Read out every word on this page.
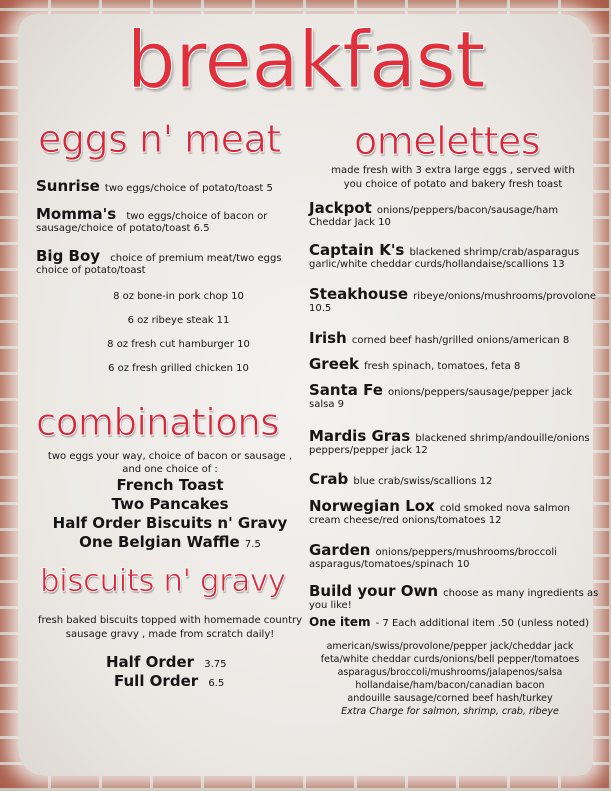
breakfast
eggs n' meat
Sunrise two eggs/choice of potato/toast 5
Momma's two eggs/choice of bacon or
sausage/choice of potato/toast 6.5
Big Boy choice of premium meat/two eggs
choice of potato/toast
8 oz bone-in pork chop 10
6 oz ribeye steak 11
8 oz fresh cut hamburger 10
6 oz fresh grilled chicken 10
combinations
two eggs your way, choice of bacon or sausage ,
and one choice of :
French Toast
Two Pancakes
Half Order Biscuits n' Gravy
One Belgian Waffle 7.5
biscuits n' gravy
fresh baked biscuits topped with homemade country
sausage gravy , made from scratch daily!
Half Order 3.75
Full Order 6.5
omelettes
made fresh with 3 extra large eggs , served with
you choice of potato and bakery fresh toast
Jackpot onions/peppers/bacon/sausage/ham
Cheddar Jack 10
Captain K's blackened shrimp/crab/asparagus
garlic/white cheddar curds/hollandaise/scallions 13
Steakhouse ribeye/onions/mushrooms/provolone
10.5
Irish corned beef hash/grilled onions/american 8
Greek fresh spinach, tomatoes, feta 8
Santa Fe onions/peppers/sausage/pepper jack
salsa 9
Mardis Gras blackened shrimp/andouille/onions
peppers/pepper jack 12
Crab blue crab/swiss/scallions 12
Norwegian Lox cold smoked nova salmon
cream cheese/red onions/tomatoes 12
Garden onions/peppers/mushrooms/broccoli
asparagus/tomatoes/spinach 10
Build your Own choose as many ingredients as
you like!
One item - 7 Each additional item .50 (unless noted)
american/swiss/provolone/pepper jack/cheddar jack
feta/white cheddar curds/onions/bell pepper/tomatoes
asparagus/broccoli/mushrooms/jalapenos/salsa
hollandaise/ham/bacon/canadian bacon
andouille sausage/corned beef hash/turkey
Extra Charge for salmon, shrimp, crab, ribeye
